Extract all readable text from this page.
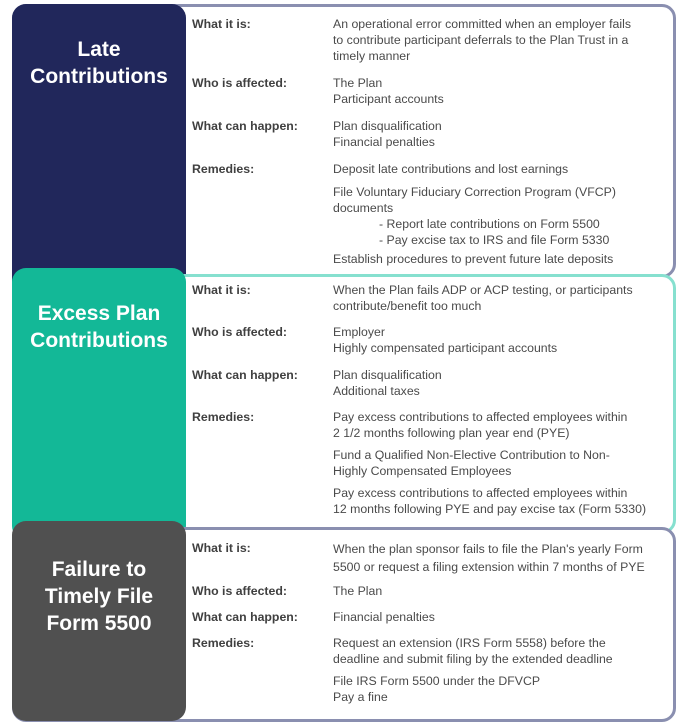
Late
Contributions
What it is:	An operational error committed when an employer fails
to contribute participant deferrals to the Plan Trust in a
timely manner
Who is affected:	The Plan
Participant accounts
What can happen:	Plan disqualification
Financial penalties
Remedies:	Deposit late contributions and lost earnings
File Voluntary Fiduciary Correction Program (VFCP)
documents
- Report late contributions on Form 5500
- Pay excise tax to IRS and file Form 5330
Establish procedures to prevent future late deposits
Excess Plan
Contributions
What it is:	When the Plan fails ADP or ACP testing, or participants
contribute/benefit too much
Who is affected:	Employer
Highly compensated participant accounts
What can happen:	Plan disqualification
Additional taxes
Remedies:	Pay excess contributions to affected employees within
2 1/2 months following plan year end (PYE)
Fund a Qualified Non-Elective Contribution to Non-
Highly Compensated Employees
Pay excess contributions to affected employees within
12 months following PYE and pay excise tax (Form 5330)
Failure to
Timely File
Form 5500
What it is:	When the plan sponsor fails to file the Plan's yearly Form
5500 or request a filing extension within 7 months of PYE
Who is affected:	The Plan
What can happen:	Financial penalties
Remedies:	Request an extension (IRS Form 5558) before the
deadline and submit filing by the extended deadline
File IRS Form 5500 under the DFVCP
Pay a fine
